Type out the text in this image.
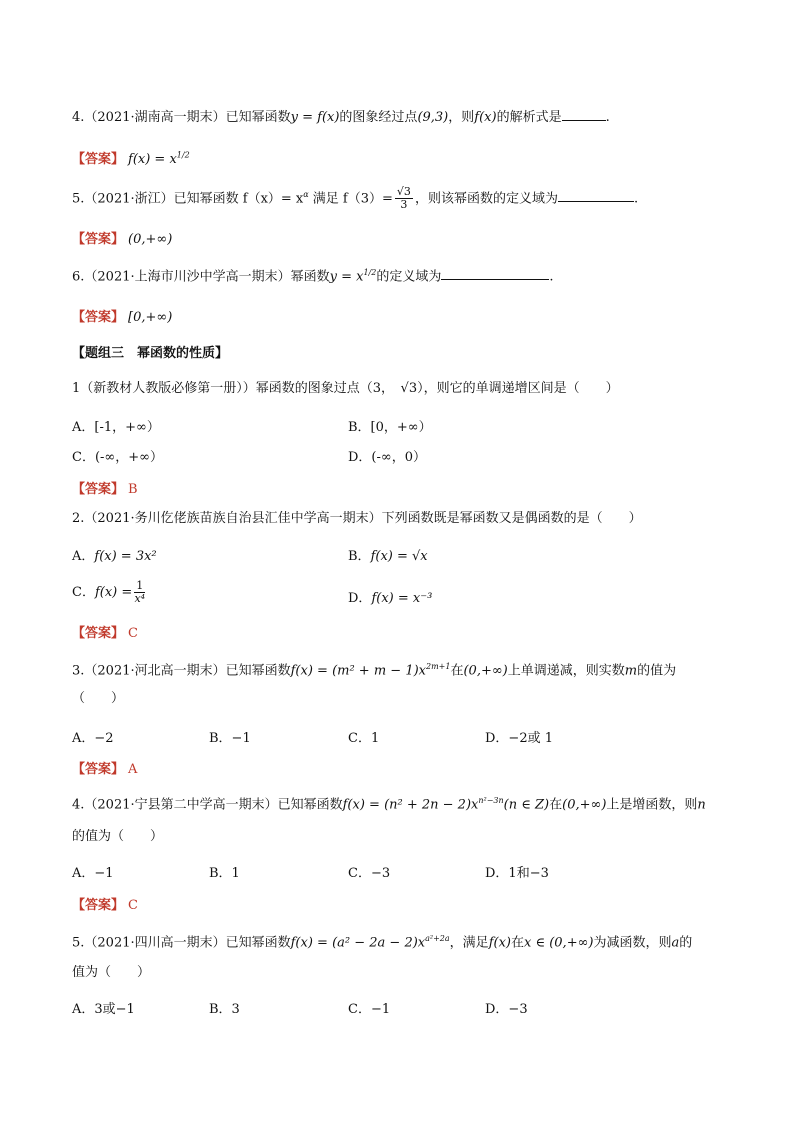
4.（2021·湖南高一期末）已知幂函数y = f(x)的图象经过点(9,3)，则f(x)的解析式是	.
【答案】 $f(x) = x^{1/2}$
5.（2021·浙江）已知幂函数 $f(x)= x^\alpha$ 满足 $f(3)= \frac{√3}{3}$ ，则该幂函数的定义域为	.
【答案】 (0,+∞)
6.（2021·上海市川沙中学高一期末）幂函数$y = x^{1/2}$的定义域为	.
【答案】 [0,+∞)
【题组三　幂函数的性质】
1（新教材人教版必修第一册））幂函数的图象过点（3，　√3），则它的单调递增区间是（　　）
A．[-1，+∞）	B．[0，+∞）
C．(-∞，+∞）	D．(-∞，0）
【答案】 B
2.（2021·务川仡佬族苗族自治县汇佳中学高一期末）下列函数既是幂函数又是偶函数的是（　　）
A．f(x) = 3x²	B．f(x) = √x
C．$f(x) = \frac{1}{\text{x⁴}}$	D．f(x) = x⁻³
【答案】 C
3.（2021·河北高一期末）已知幂函数$f(x) = (m^2 + m - 1)x^{2m+1}$在(0,+∞)上单调递减，则实数m的值为
（　　）
A．−2	B．−1	C．1	D．−2或 1
【答案】 A
4.（2021·宁县第二中学高一期末）已知幂函数$f(x) = (n^2 + 2n - 2)x^{n^2-3n}(n$ ∈ Z)在(0,+∞)上是增函数，则n
的值为（　　）
A．−1	B．1	C．−3	D．1和−3
【答案】 C
5.（2021·四川高一期末）已知幂函数$f(x) = (a^2 - 2a - 2)x^{a^2+2a}$，满足f(x)在x ∈ (0,+∞)为减函数，则a的
值为（　　）
A．3或−1	B．3	C．−1	D．−3
